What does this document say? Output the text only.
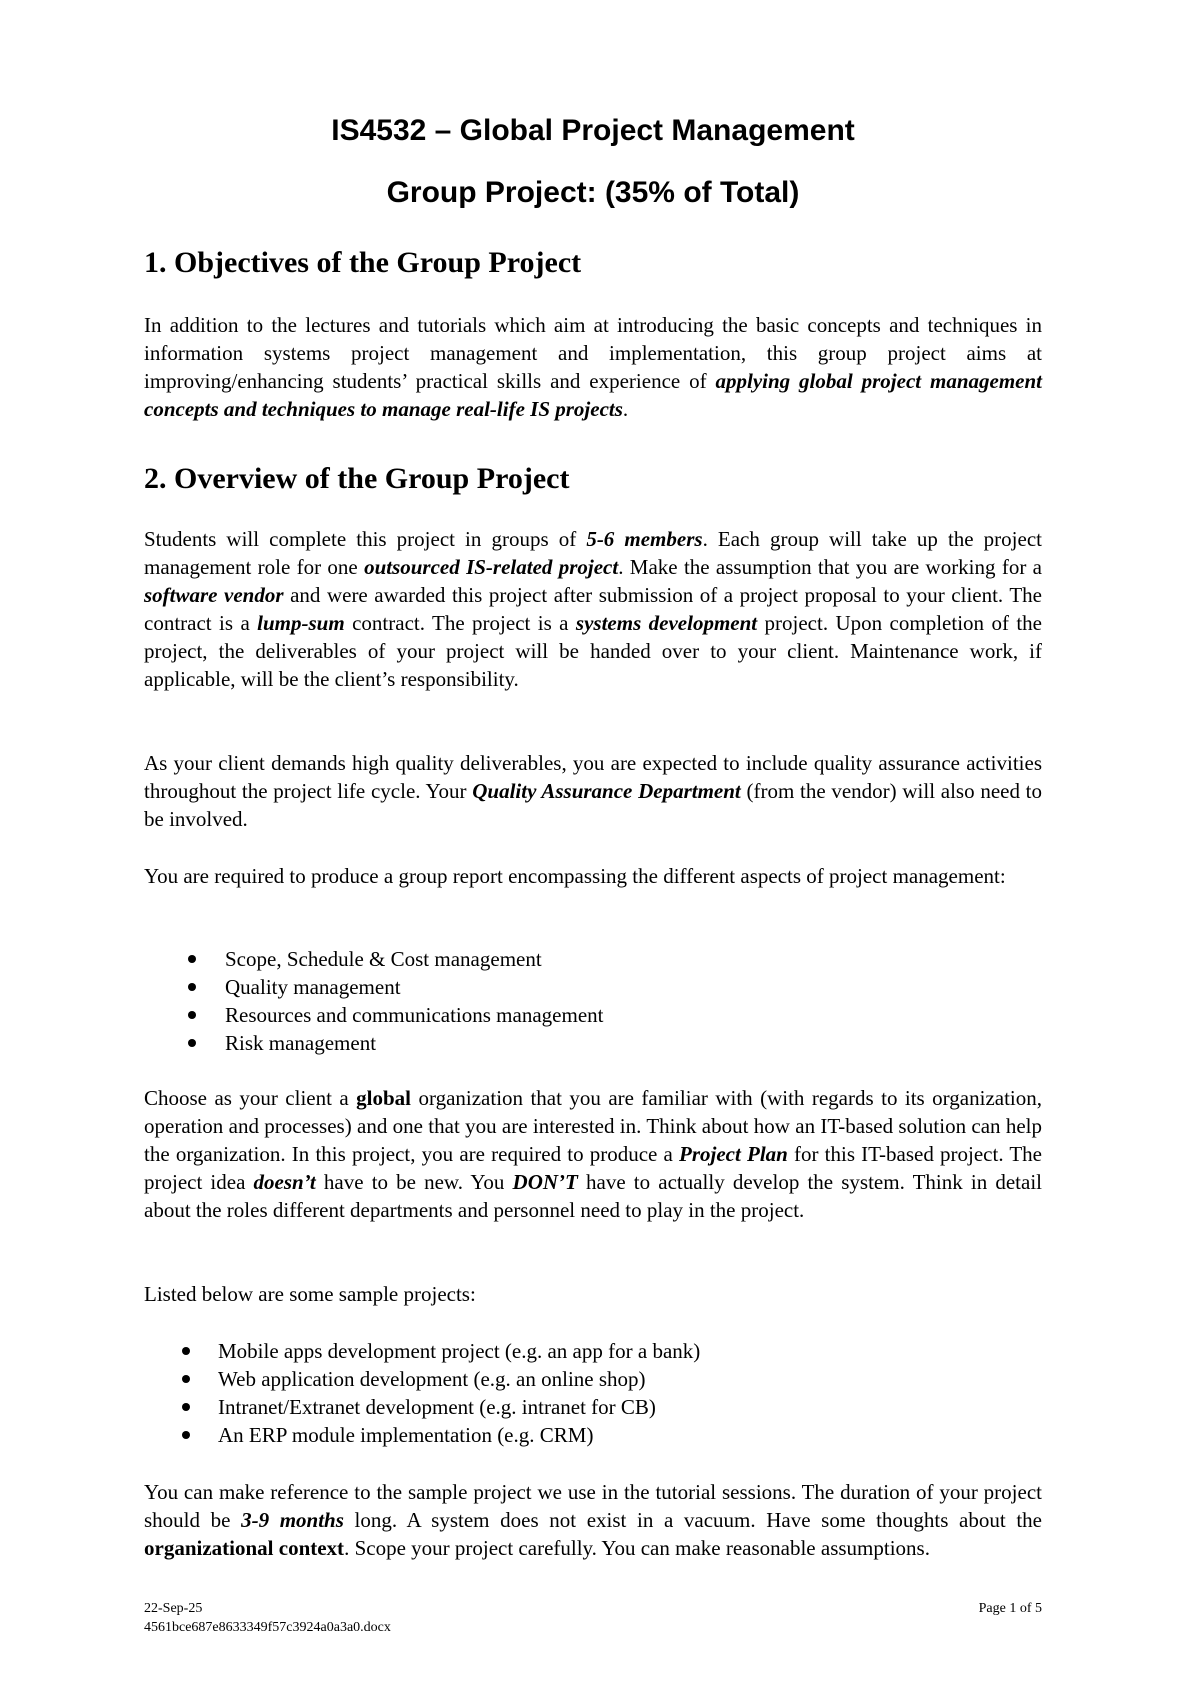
IS4532 – Global Project Management
Group Project: (35% of Total)
1. Objectives of the Group Project

In addition to the lectures and tutorials which aim at introducing the basic concepts and techniques in information systems project management and implementation, this group project aims at improving/enhancing students’ practical skills and experience of applying global project management concepts and techniques to manage real-life IS projects.

2. Overview of the Group Project

Students will complete this project in groups of 5-6 members. Each group will take up the project management role for one outsourced IS-related project. Make the assumption that you are working for a software vendor and were awarded this project after submission of a project proposal to your client. The contract is a lump-sum contract. The project is a systems development project. Upon completion of the project, the deliverables of your project will be handed over to your client. Maintenance work, if applicable, will be the client’s responsibility.

As your client demands high quality deliverables, you are expected to include quality assurance activities throughout the project life cycle. Your Quality Assurance Department (from the vendor) will also need to be involved.

You are required to produce a group report encompassing the different aspects of project management:

Scope, Schedule & Cost management
Quality management
Resources and communications management
Risk management

Choose as your client a global organization that you are familiar with (with regards to its organization, operation and processes) and one that you are interested in. Think about how an IT-based solution can help the organization. In this project, you are required to produce a Project Plan for this IT-based project. The project idea doesn’t have to be new. You DON’T have to actually develop the system. Think in detail about the roles different departments and personnel need to play in the project.

Listed below are some sample projects:

Mobile apps development project (e.g. an app for a bank)
Web application development (e.g. an online shop)
Intranet/Extranet development (e.g. intranet for CB)
An ERP module implementation (e.g. CRM)

You can make reference to the sample project we use in the tutorial sessions. The duration of your project should be 3-9 months long. A system does not exist in a vacuum. Have some thoughts about the organizational context. Scope your project carefully. You can make reasonable assumptions.

22-Sep-25

4561bce687e8633349f57c3924a0a3a0.docx

Page 1 of 5
